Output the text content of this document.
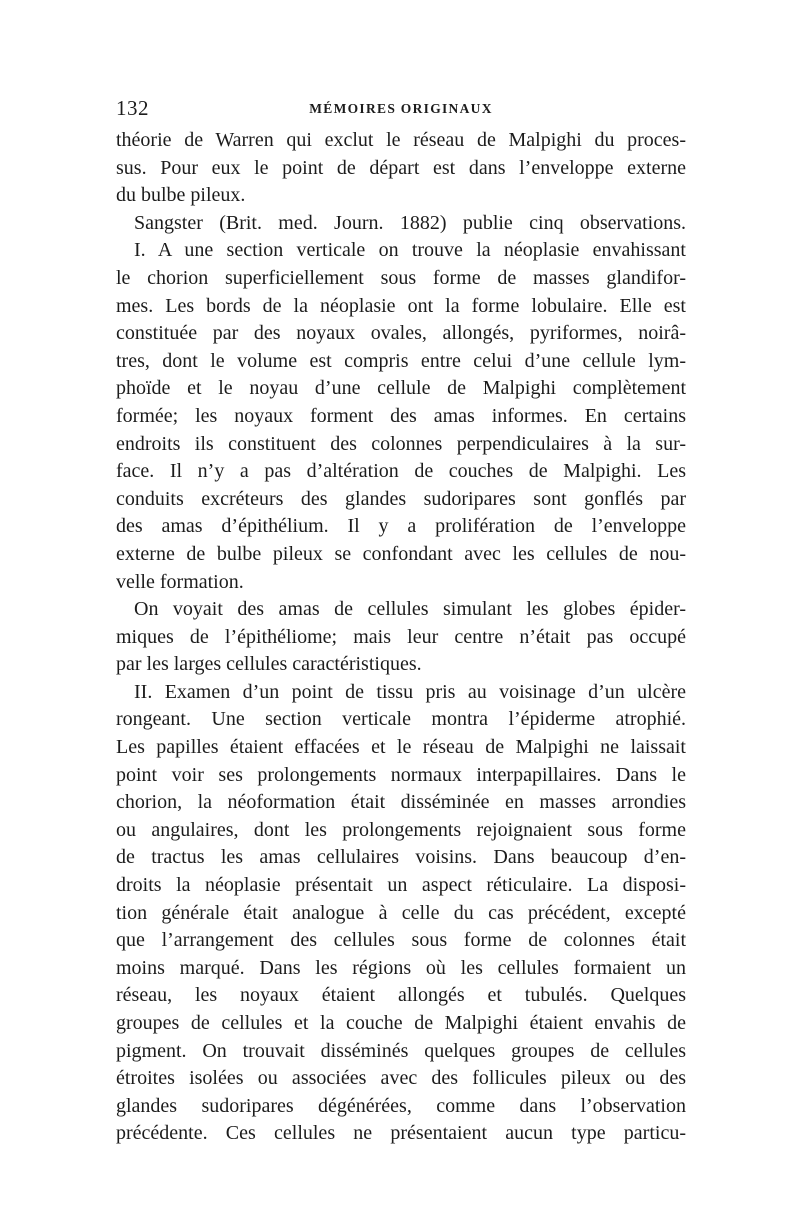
132	MÉMOIRES ORIGINAUX
théorie de Warren qui exclut le réseau de Malpighi du proces-
sus. Pour eux le point de départ est dans l’enveloppe externe
du bulbe pileux.
Sangster (Brit. med. Journ. 1882) publie cinq observations.
I. A une section verticale on trouve la néoplasie envahissant
le chorion superficiellement sous forme de masses glandifor-
mes. Les bords de la néoplasie ont la forme lobulaire. Elle est
constituée par des noyaux ovales, allongés, pyriformes, noirâ-
tres, dont le volume est compris entre celui d’une cellule lym-
phoïde et le noyau d’une cellule de Malpighi complètement
formée; les noyaux forment des amas informes. En certains
endroits ils constituent des colonnes perpendiculaires à la sur-
face. Il n’y a pas d’altération de couches de Malpighi. Les
conduits excréteurs des glandes sudoripares sont gonflés par
des amas d’épithélium. Il y a prolifération de l’enveloppe
externe de bulbe pileux se confondant avec les cellules de nou-
velle formation.
On voyait des amas de cellules simulant les globes épider-
miques de l’épithéliome; mais leur centre n’était pas occupé
par les larges cellules caractéristiques.
II. Examen d’un point de tissu pris au voisinage d’un ulcère
rongeant. Une section verticale montra l’épiderme atrophié.
Les papilles étaient effacées et le réseau de Malpighi ne laissait
point voir ses prolongements normaux interpapillaires. Dans le
chorion, la néoformation était disséminée en masses arrondies
ou angulaires, dont les prolongements rejoignaient sous forme
de tractus les amas cellulaires voisins. Dans beaucoup d’en-
droits la néoplasie présentait un aspect réticulaire. La disposi-
tion générale était analogue à celle du cas précédent, excepté
que l’arrangement des cellules sous forme de colonnes était
moins marqué. Dans les régions où les cellules formaient un
réseau, les noyaux étaient allongés et tubulés. Quelques
groupes de cellules et la couche de Malpighi étaient envahis de
pigment. On trouvait disséminés quelques groupes de cellules
étroites isolées ou associées avec des follicules pileux ou des
glandes sudoripares dégénérées, comme dans l’observation
précédente. Ces cellules ne présentaient aucun type particu-
